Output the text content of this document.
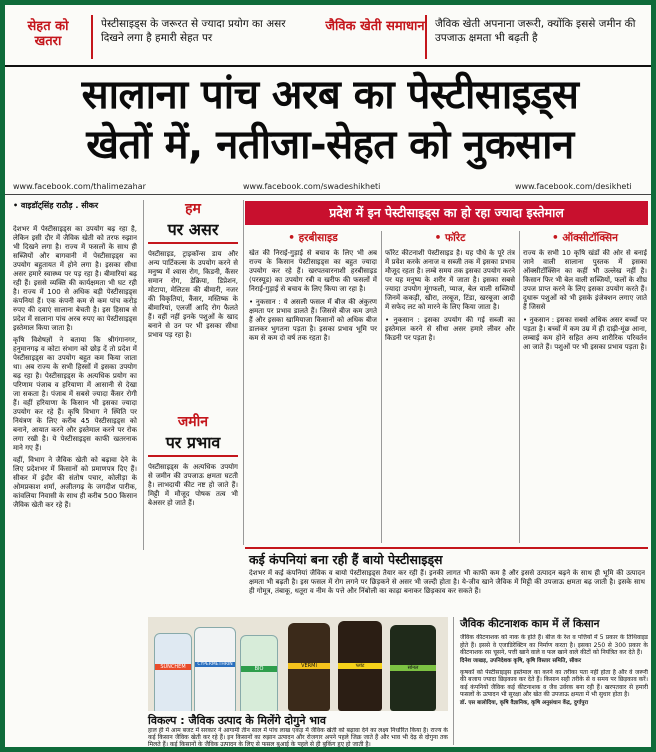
सेहत को खतरा
पेस्टीसाइड्स के जरूरत से ज्यादा प्रयोग का असर दिखने लगा है हमारी सेहत पर
जैविक खेती समाधान जैविक खेती अपनाना जरूरी, क्योंकि इससे जमीन की उपजाऊ क्षमता भी बढ़ती है
सालाना पांच अरब का पेस्टीसाइड्स
खेतों में, नतीजा-सेहत को नुकसान
www.facebook.com/thalimezahar	www.facebook.com/swadeshikheti	www.facebook.com/desikheti
• वाइडॉट्सिंह राठौड़ . सीकर

देशभर में पेस्टीसाइड्स का उपयोग बढ़ रहा है, लेकिन इसी दौर में जैविक खेती को तरफ रुझान भी दिखने लगा है। राज्य में फसलों के साथ ही सब्जियों और बागवानी में पेस्टीसाइड्स का उपयोग बहुतायत में होने लगा है। इसका सीधा असर हमारे स्वास्थ्य पर पड़ रहा है। बीमारियां बढ़ रही हैं। इससे व्यक्ति की कार्यक्षमता भी घट रही है। राज्य में 100 से अधिक बड़ी पेस्टीसाइड्स कंपनियां हैं। एक कंपनी कम से कम पांच करोड़ रुपए की दवाएं सालाना बेचती है। इस हिसाब से प्रदेश में सालाना पांच अरब रुपए का पेस्टीसाइड्स इस्तेमाल किया जाता है।

कृषि विशेषज्ञों ने बताया कि श्रीगंगानगर, हनुमानगढ़ व कोटा संभाग को छोड़ दें तो प्रदेश में पेस्टीसाइड्स का उपयोग बहुत कम किया जाता था। अब राज्य के सभी हिस्सों में इसका उपयोग बढ़ रहा है। पेस्टीसाइड्स के अत्यधिक प्रयोग का परिणाम पंजाब व हरियाणा में आसानी से देखा जा सकता है। पंजाब में सबसे ज्यादा कैंसर रोगी हैं। वहीं हरियाणा के किसान भी इसका ज्यादा उपयोग कर रहे हैं। कृषि विभाग ने स्थिति पर नियंत्रण के लिए करीब 45 पेस्टीसाइड्स को बनाने, आयात करने और इस्तेमाल करने पर रोक लगा रखी है। ये पेस्टीसाइड्स काफी खतरनाक माने गए हैं।

वहीं, विभाग ने जैविक खेती को बढ़ावा देने के लिए प्रदेशभर में किसानों को प्रमाणपत्र दिए हैं। सीकर में इंदौर की संतोष पचार, कोलीड़ा के ओमप्रकाश शर्मा, अजीतगढ़ के जगदीश पारीक, कांवलिया निवासी के साथ ही करीब 500 किसान जैविक खेती कर रहे हैं।

हम
पर असर
पेस्टीसाइड, ट्राइकॉन्स डाय और अन्य पार्टिकल्स के उपयोग करने से मनुष्य में श्वास रोग, किडनी, कैंसर समान रोग, डेक्रिया, डिप्रेशन, मोटापा, मेलिटस की बीमारी, नजर की विकृतियां, कैंसर, मस्तिष्क के बीमारियां, एलर्जी आदि रोग फैलते हैं। वहीं नहीं इनके पशुओं के खाद बनाने से उन पर भी इसका सीधा प्रभाव पड़ रहा है।
जमीन
पर प्रभाव
पेस्टीसाइड्स के अत्यधिक उपयोग से जमीन की उपजाऊ क्षमता घटती है। लाभदायी कीट नष्ट हो जाते हैं। मिट्टी में मौजूद पोषक तत्व भी बेअसर हो जाते हैं।
प्रदेश में इन पेस्टीसाइड्स का हो रहा ज्यादा इस्तेमाल
• हरबीसाइड
खेत की निराई-गुड़ाई से बचाव के लिए भी अब राज्य के किसान पेस्टीसाइड्स का बहुत ज्यादा उपयोग कर रहे हैं। खरपतवारनाशी हरबीसाइड (परस्यूड) का उपयोग रबी व खरीफ की फसलों में निराई-गुड़ाई से बचाव के लिए किया जा रहा है।
• नुकसान : ये असली फसल में बीज की अंकुरण क्षमता पर प्रभाव डालते हैं। जिससे बीज कम उगते हैं और इसका खामियाजा किसानों को अधिक बीज डालकर भुगतना पड़ता है। इसका प्रभाव भूमि पर कम से कम दो वर्ष तक रहता है।
• फॉरेट
फॉरेट कीटनाशी पेस्टीसाइड है। यह पौधे के पूरे तंत्र में प्रवेश करके अनाज व सब्जी तक में इसका प्रभाव मौजूद रहता है। लम्बे समय तक इसका उपयोग करने पर यह मनुष्य के शरीर में जाता है। इसका सबसे ज्यादा उपयोग मूंगफली, प्याज, बेल वाली सब्जियों जिनमें ककड़ी, खीरा, तरबूज, टिंडा, खरबूजा आदी में सफेद लट को मारने के लिए किया जाता है।
• नुकसान : इसका उपयोग की गई सब्जी का इस्तेमाल करने से सीधा असर हमारे लीवर और किडनी पर पड़ता है।
• ऑक्सीटॉक्सिन
राज्य के सभी 10 कृषि खंडों की ओर से बनाई जाने वाली सालाना पुस्तक में इसका ऑक्सीटॉक्सिन का कहीं भी उल्लेख नहीं है। किसान फिर भी बेल वाली सब्जियों, फलों के शीघ्र उपज प्राप्त करने के लिए इसका उपयोग करते हैं। दुधारू पशुओं को भी इसके इंजेक्शन लगाए जाते हैं जिससे
• नुकसान : इसका सबसे अधिक असर बच्चों पर पड़ता है। बच्चों में कम उम्र में ही दाढ़ी-मूंछ आना, लम्बाई कम होने सहित अन्य शारीरिक परिवर्तन आ जाते हैं। पशुओं पर भी इसका प्रभाव पड़ता है।
कई कंपनियां बना रही हैं बायो पेस्टीसाइड्स
देशभर में कई कंपनियां जैविक व बायो पेस्टीसाइड्स तैयार कर रही हैं। इनकी लागत भी काफी कम है और इससे उत्पादन बढ़ने के साथ ही भूमि की उत्पादन क्षमता भी बढ़ती है। इस फसल में रोग लगने पर छिड़कने से असर भी जल्दी होता है। ये-जीव खाने जैविक में मिट्टी की उपजाऊ क्षमता बढ़ जाती है। इसके साथ ही गोमूत्र, तंबाकू, धतूरा व नीम के पत्ते और निंबोली का काढ़ा बनाकर छिड़काव कर सकते हैं।
SUNCHEM	CYPERMETHRIN
BIO	VERMI	प्लांट	सोनल
विकल्प : जैविक उत्पाद के मिलेंगे दोगुने भाव
हाल ही में आम बजट में सरकार ने आगामी तीन साल में पांच लाख एकड़ में जैविक खेती को बढ़ावा देने का लक्ष्य निर्धारित किया है। राज्य के कई किसान जैविक खेती कर रहे हैं। इन किसानों का रुझान उत्पादन और रोजगार अपने पहले जिक्र जाते हैं और भाव भी देढ़ से दोगुना तक मिलते हैं। कई किसानों के जैविक उत्पादन के लिए से फसल बुआई के पहले से ही बुकिंग हुए हो जाती है।
जैविक कीटनाशक काम में लें किसान
जैविक कीटनाशक को नाक के होते हैं। बीज के रेश व पत्तियों में 5 प्रकार के तिथिवाइड होते हैं। इससे वे एजाडिरेक्टिन का निर्माण करता है। इसका 250 से 300 प्रकार के कीटनाशक रस चूसने, पत्ती खाने वाले व फल खाने वाले कीटों को नियंत्रित कर देते हैं।
दिनेश जाखड़, उपनिदेशक कृषि, कृषि विस्तार समिति, सीकर
कृषकों को पेस्टीसाइड्स इस्तेमाल का करने का तरीका पता नहीं होता है और वे जरूरी की बजाय ज्यादा छिड़काव कर देते हैं। किसान सही तरीके से व समय पर छिड़काव करें। कई कंपनियों जैविक कई कीटनाशक व जैव उर्वरक बना रही हैं। खरपतवार से हमारी फसलों के उत्पादन भी सुरक्षा और खेत की उपजाऊ क्षमता में भी सुधार होता है।
डॉ. एस बालोदिया, कृषि वैज्ञानिक, कृषि अनुसंधान केंद्र, दुर्गापुरा
